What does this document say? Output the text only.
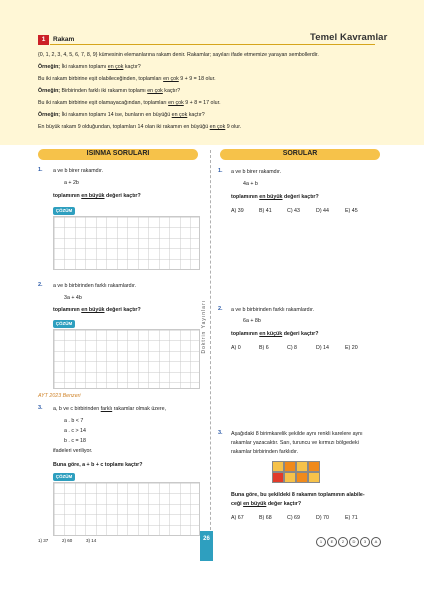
1	Rakam	Temel Kavramlar
{0, 1, 2, 3, 4, 5, 6, 7, 8, 9} kümesinin elemanlarına rakam denir. Rakamlar; sayıları ifade etmemize yarayan sembollerdir.
Örneğin; İki rakamın toplamı en çok kaçtır?
Bu iki rakam birbirine eşit olabileceğinden, toplamları en çok 9 + 9 = 18 olur.
Örneğin; Birbirinden farklı iki rakamın toplamı en çok kaçtır?
Bu iki rakam birbirine eşit olamayacağından, toplamları en çok 9 + 8 = 17 olur.
Örneğin; İki rakamın toplamı 14 ise, bunların en büyüğü en çok kaçtır?
En büyük rakam 9 olduğundan, toplamları 14 olan iki rakamın en büyüğü en çok 9 olur.
ISINMA SORULARI	SORULAR
Doktrin Yayınları
1. a ve b birer rakamdır.
a + 2b
toplamının en büyük değeri kaçtır?
ÇÖZÜM
2. a ve b birbirinden farklı rakamlardır.
3a + 4b
toplamının en büyük değeri kaçtır?
ÇÖZÜM
AYT 2023 Benzeri
3. a, b ve c birbirinden farklı rakamlar olmak üzere,
a . b < 7
a . c > 14
b . c = 18
ifadeleri veriliyor.
Buna göre, a + b + c toplamı kaçtır?
ÇÖZÜM
1. a ve b birer rakamdır.
4a + b
toplamının en büyük değeri kaçtır?
A) 39	B) 41	C) 43	D) 44	E) 45
2. a ve b birbirinden farklı rakamlardır.
6a + 8b
toplamının en küçük değeri kaçtır?
A) 0	B) 6	C) 8	D) 14	E) 20
3. Aşağıdaki 8 birimkarelik şekilde aynı renkli karelere aynı
rakamlar yazacaktır. Sarı, turuncu ve kırmızı bölgedeki
rakamlar birbirinden farklıdır.
Buna göre, bu şekildeki 8 rakamın toplamının alabile-
ceği en büyük değer kaçtır?
A) 67	B) 68	C) 69	D) 70	E) 71
1) 37	2) 60	3) 14	26	1	E	2	D	3	A
